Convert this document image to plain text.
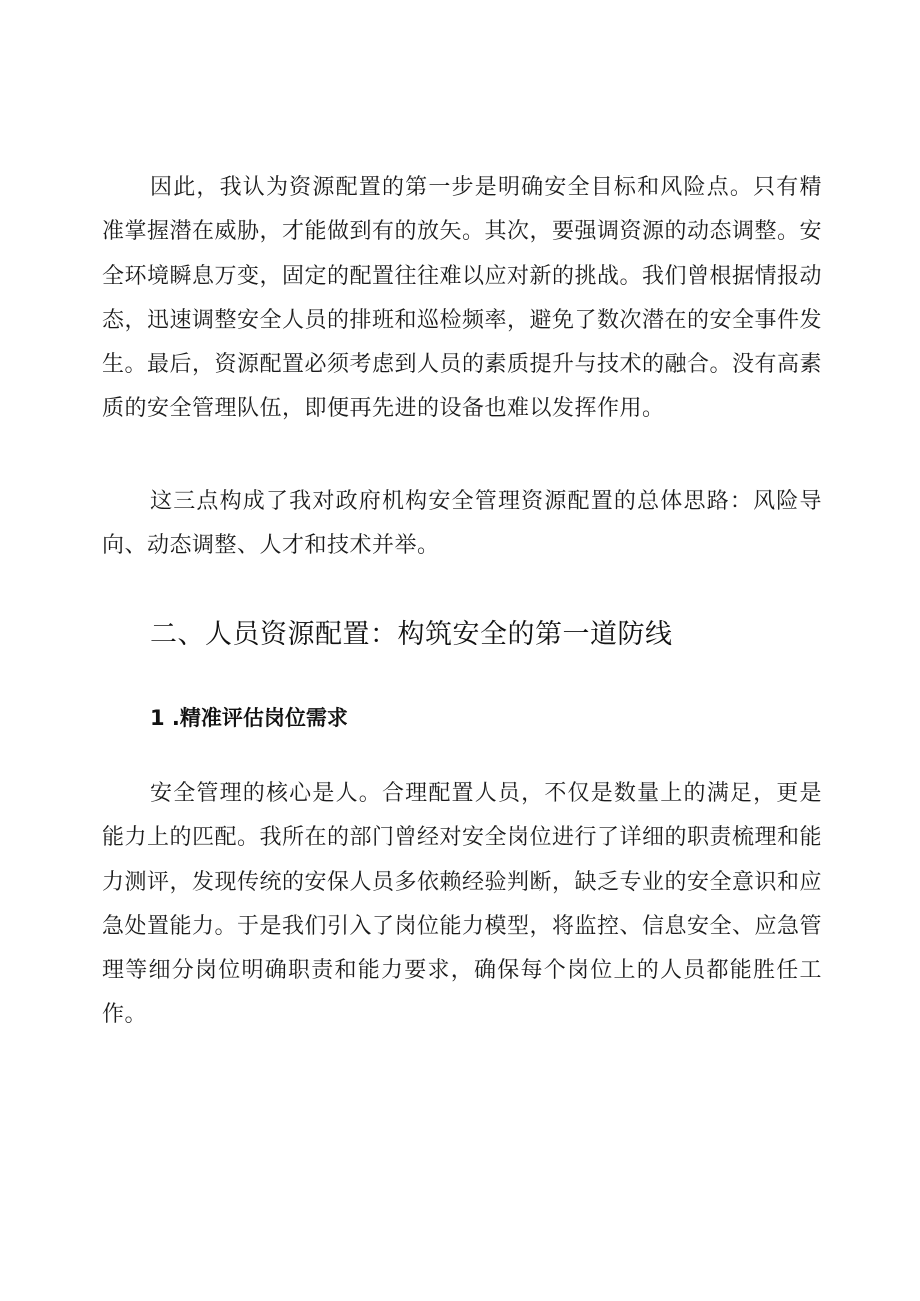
因此，我认为资源配置的第一步是明确安全目标和风险点。只有精准掌握潜在威胁，才能做到有的放矢。其次，要强调资源的动态调整。安全环境瞬息万变，固定的配置往往难以应对新的挑战。我们曾根据情报动态，迅速调整安全人员的排班和巡检频率，避免了数次潜在的安全事件发生。最后，资源配置必须考虑到人员的素质提升与技术的融合。没有高素质的安全管理队伍，即便再先进的设备也难以发挥作用。

这三点构成了我对政府机构安全管理资源配置的总体思路：风险导向、动态调整、人才和技术并举。

二、人员资源配置：构筑安全的第一道防线
1 .精准评估岗位需求

安全管理的核心是人。合理配置人员，不仅是数量上的满足，更是能力上的匹配。我所在的部门曾经对安全岗位进行了详细的职责梳理和能力测评，发现传统的安保人员多依赖经验判断，缺乏专业的安全意识和应急处置能力。于是我们引入了岗位能力模型，将监控、信息安全、应急管理等细分岗位明确职责和能力要求，确保每个岗位上的人员都能胜任工作。
